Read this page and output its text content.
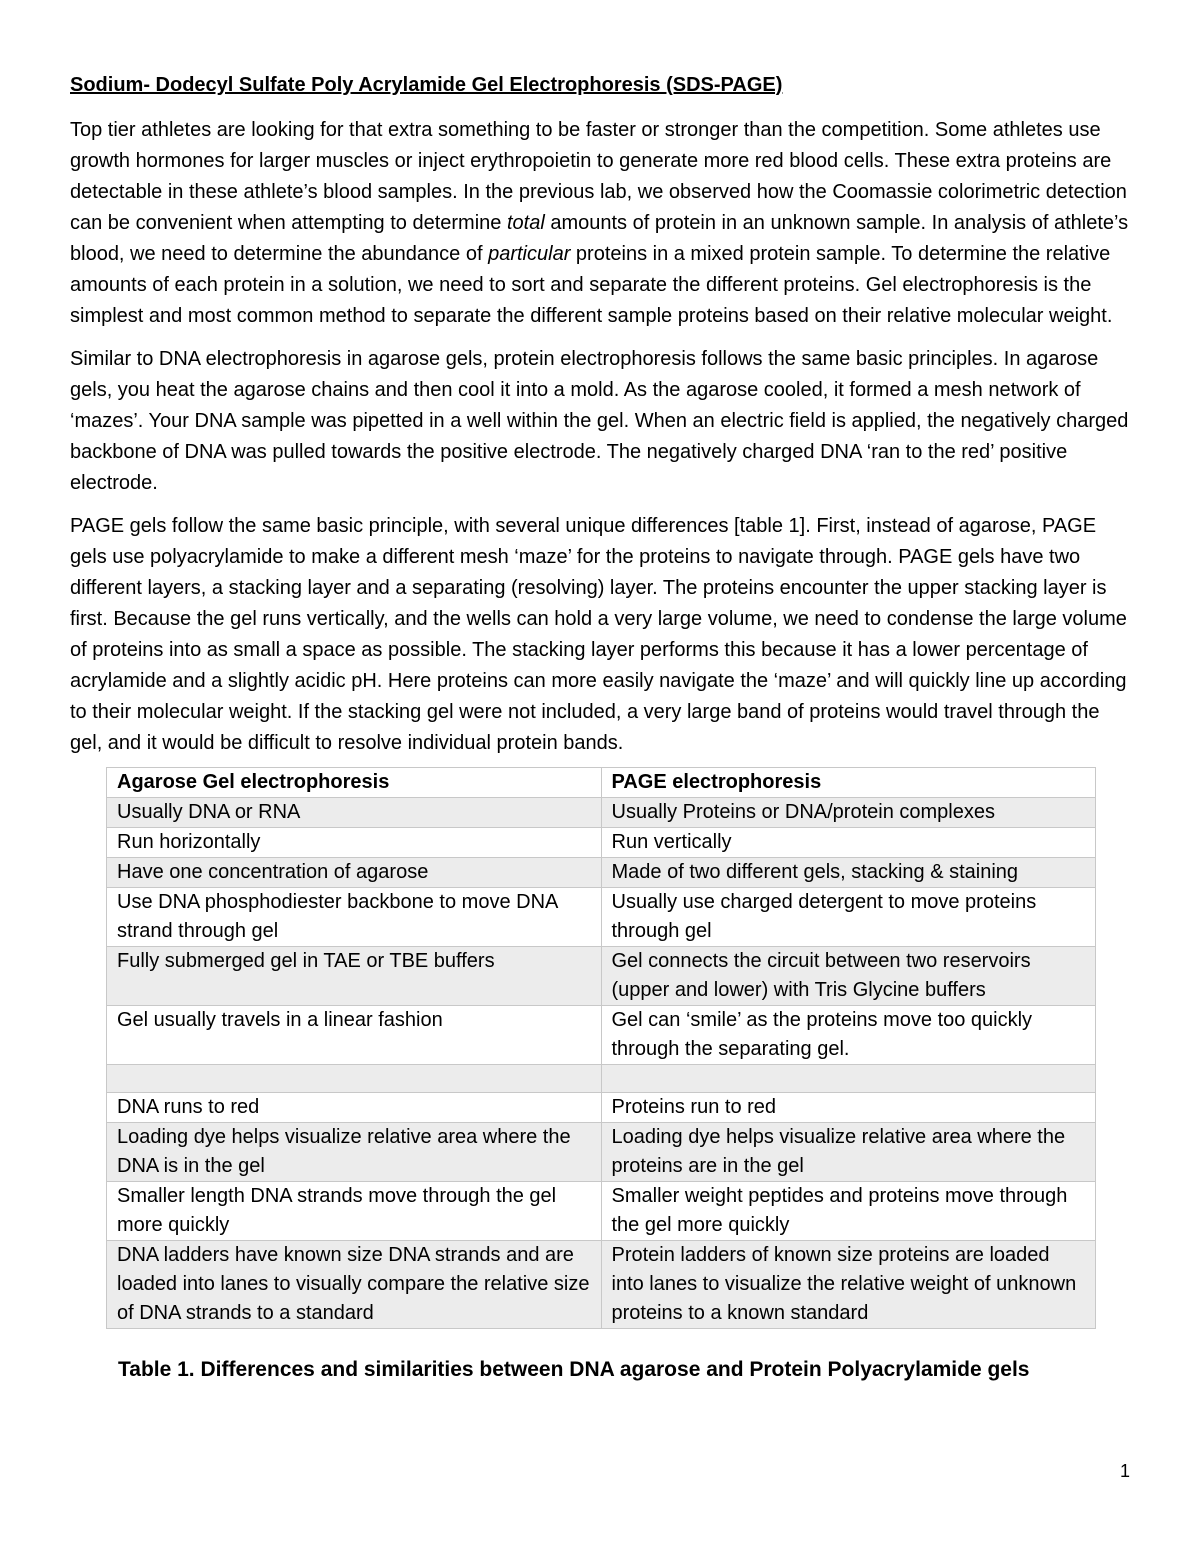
Sodium- Dodecyl Sulfate Poly Acrylamide Gel Electrophoresis (SDS-PAGE)

Top tier athletes are looking for that extra something to be faster or stronger than the competition. Some athletes use growth hormones for larger muscles or inject erythropoietin to generate more red blood cells. These extra proteins are detectable in these athlete’s blood samples. In the previous lab, we observed how the Coomassie colorimetric detection can be convenient when attempting to determine total amounts of protein in an unknown sample. In analysis of athlete’s blood, we need to determine the abundance of particular proteins in a mixed protein sample. To determine the relative amounts of each protein in a solution, we need to sort and separate the different proteins. Gel electrophoresis is the simplest and most common method to separate the different sample proteins based on their relative molecular weight.

Similar to DNA electrophoresis in agarose gels, protein electrophoresis follows the same basic principles. In agarose gels, you heat the agarose chains and then cool it into a mold. As the agarose cooled, it formed a mesh network of ‘mazes’. Your DNA sample was pipetted in a well within the gel. When an electric field is applied, the negatively charged backbone of DNA was pulled towards the positive electrode. The negatively charged DNA ‘ran to the red’ positive electrode.

PAGE gels follow the same basic principle, with several unique differences [table 1]. First, instead of agarose, PAGE gels use polyacrylamide to make a different mesh ‘maze’ for the proteins to navigate through. PAGE gels have two different layers, a stacking layer and a separating (resolving) layer. The proteins encounter the upper stacking layer is first. Because the gel runs vertically, and the wells can hold a very large volume, we need to condense the large volume of proteins into as small a space as possible. The stacking layer performs this because it has a lower percentage of acrylamide and a slightly acidic pH. Here proteins can more easily navigate the ‘maze’ and will quickly line up according to their molecular weight. If the stacking gel were not included, a very large band of proteins would travel through the gel, and it would be difficult to resolve individual protein bands.

Agarose Gel electrophoresis	PAGE electrophoresis
Usually DNA or RNA	Usually Proteins or DNA/protein complexes
Run horizontally	Run vertically
Have one concentration of agarose	Made of two different gels, stacking & staining
Use DNA phosphodiester backbone to move DNA strand through gel	Usually use charged detergent to move proteins through gel
Fully submerged gel in TAE or TBE buffers	Gel connects the circuit between two reservoirs (upper and lower) with Tris Glycine buffers
Gel usually travels in a linear fashion	Gel can ‘smile’ as the proteins move too quickly through the separating gel.

DNA runs to red	Proteins run to red
Loading dye helps visualize relative area where the DNA is in the gel	Loading dye helps visualize relative area where the proteins are in the gel
Smaller length DNA strands move through the gel more quickly	Smaller weight peptides and proteins move through the gel more quickly
DNA ladders have known size DNA strands and are loaded into lanes to visually compare the relative size of DNA strands to a standard	Protein ladders of known size proteins are loaded into lanes to visualize the relative weight of unknown proteins to a known standard
Table 1. Differences and similarities between DNA agarose and Protein Polyacrylamide gels
1
